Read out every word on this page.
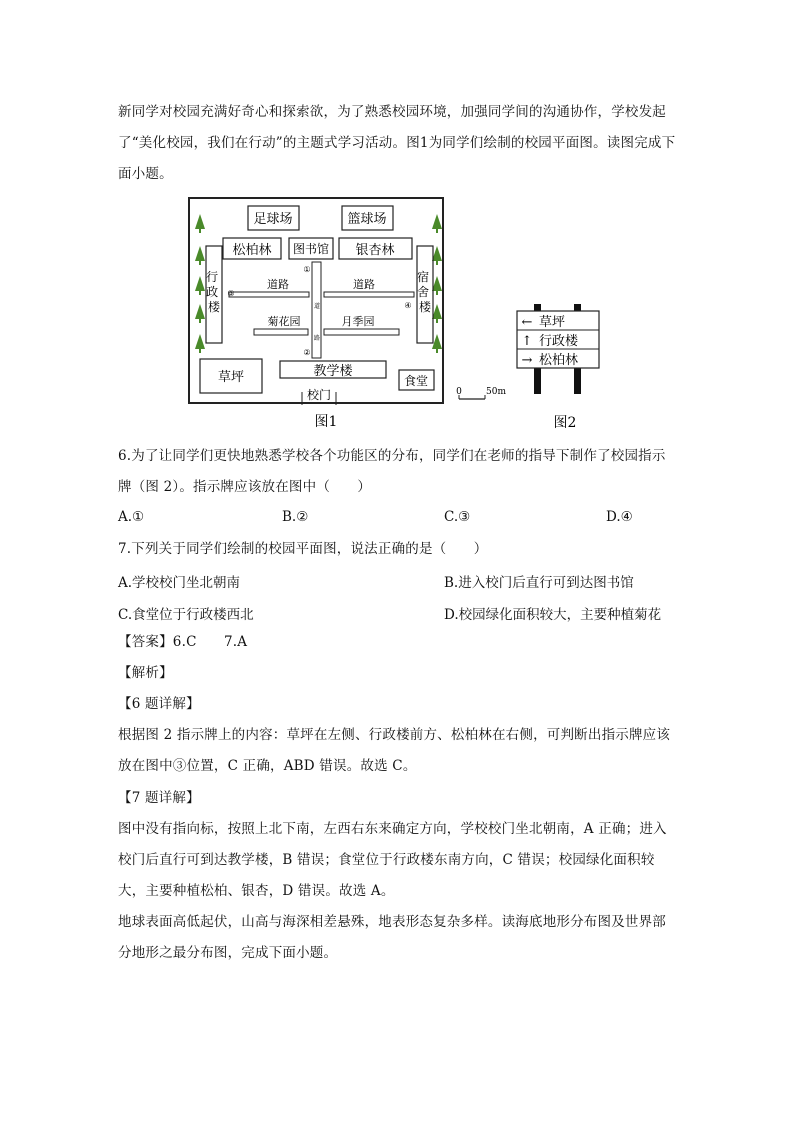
新同学对校园充满好奇心和探索欲，为了熟悉校园环境，加强同学间的沟通协作，学校发起了“美化校园，我们在行动”的主题式学习活动。图1为同学们绘制的校园平面图。读图完成下面小题。
足球场	篮球场
松柏林 图书馆 银杏林
行 政 楼
宿 舍 楼
道
路
道路	道路
菊花园	月季园
①
②
③
④
草坪	教学楼
食堂
校门	0	50m
图1
← 草坪
↑ 行政楼
→ 松柏林
图2
6.为了让同学们更快地熟悉学校各个功能区的分布，同学们在老师的指导下制作了校园指示牌（图 2）。指示牌应该放在图中（　　）
A.①	B.②	C.③	D.④
7.下列关于同学们绘制的校园平面图，说法正确的是（　　）
A.学校校门坐北朝南	B.进入校门后直行可到达图书馆
C.食堂位于行政楼西北	D.校园绿化面积较大，主要种植菊花
【答案】6.C　　7.A
【解析】
【6 题详解】
根据图 2 指示牌上的内容：草坪在左侧、行政楼前方、松柏林在右侧，可判断出指示牌应该放在图中③位置，C 正确，ABD 错误。故选 C。
【7 题详解】
图中没有指向标，按照上北下南，左西右东来确定方向，学校校门坐北朝南，A 正确；进入校门后直行可到达教学楼，B 错误；食堂位于行政楼东南方向，C 错误；校园绿化面积较大，主要种植松柏、银杏，D 错误。故选 A。
地球表面高低起伏，山高与海深相差悬殊，地表形态复杂多样。读海底地形分布图及世界部分地形之最分布图，完成下面小题。
